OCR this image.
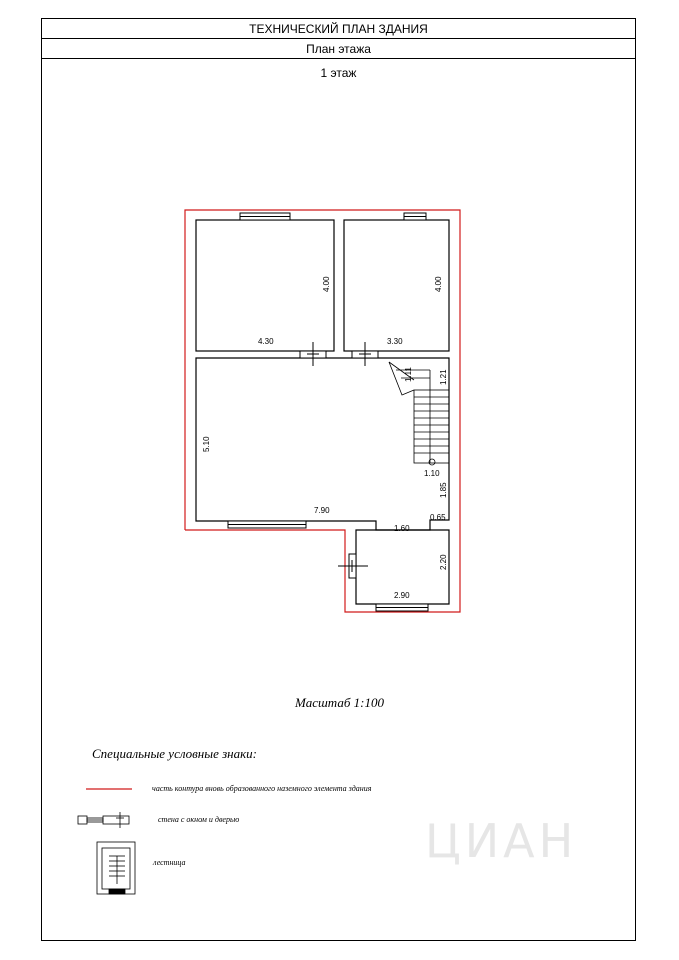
ТЕХНИЧЕСКИЙ ПЛАН ЗДАНИЯ
План этажа
1 этаж
4.30
4.00
3.30
4.00
5.10
7.90
1.11	1.21
1.10
1.85
1.60
0.65
2.20
2.90
Масштаб 1:100
Специальные условные знаки:
часть контура вновь образованного наземного элемента здания
стена с окном и дверью
лестница	ЦИАН
